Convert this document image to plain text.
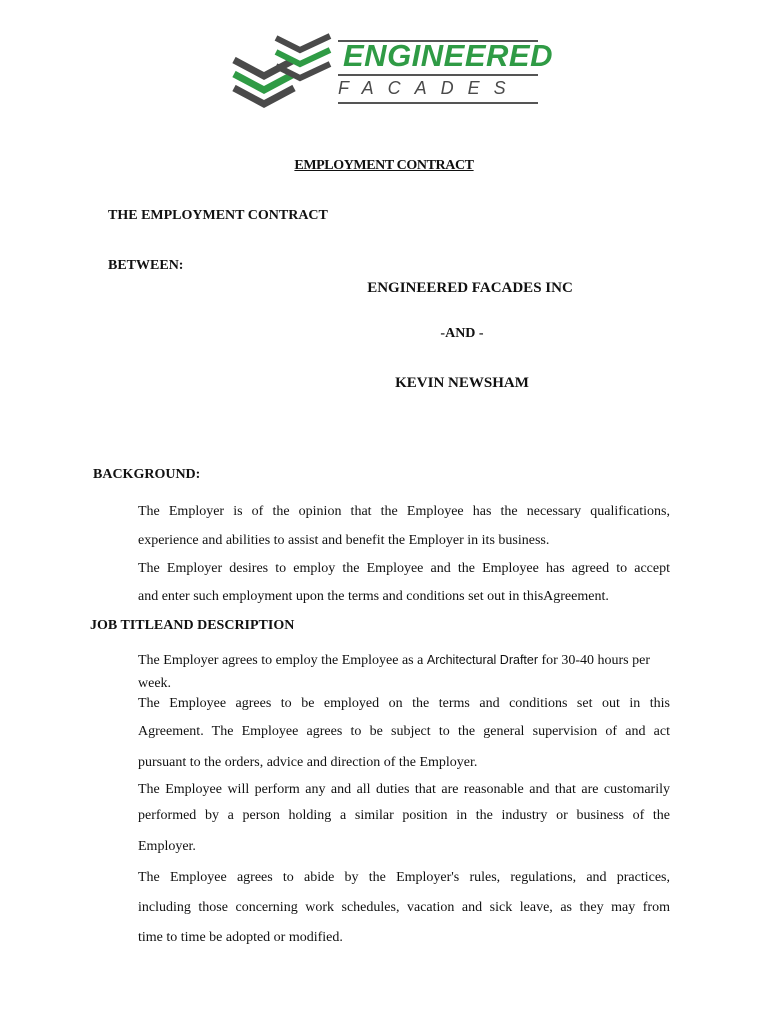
ENGINEERED
FACADES
EMPLOYMENT CONTRACT
THE EMPLOYMENT CONTRACT
BETWEEN:
ENGINEERED FACADES INC
-AND -
KEVIN NEWSHAM
BACKGROUND:
The Employer is of the opinion that the Employee has the necessary qualifications,
experience and abilities to assist and benefit the Employer in its business.
The Employer desires to employ the Employee and the Employee has agreed to accept
and enter such employment upon the terms and conditions set out in thisAgreement.
JOB TITLEAND DESCRIPTION
The Employer agrees to employ the Employee as a Architectural Drafter for 30-40 hours per
week.
The Employee agrees to be employed on the terms and conditions set out in this
Agreement. The Employee agrees to be subject to the general supervision of and act
pursuant to the orders, advice and direction of the Employer.
The Employee will perform any and all duties that are reasonable and that are customarily
performed by a person holding a similar position in the industry or business of the
Employer.
The Employee agrees to abide by the Employer's rules, regulations, and practices,
including those concerning work schedules, vacation and sick leave, as they may from
time to time be adopted or modified.
